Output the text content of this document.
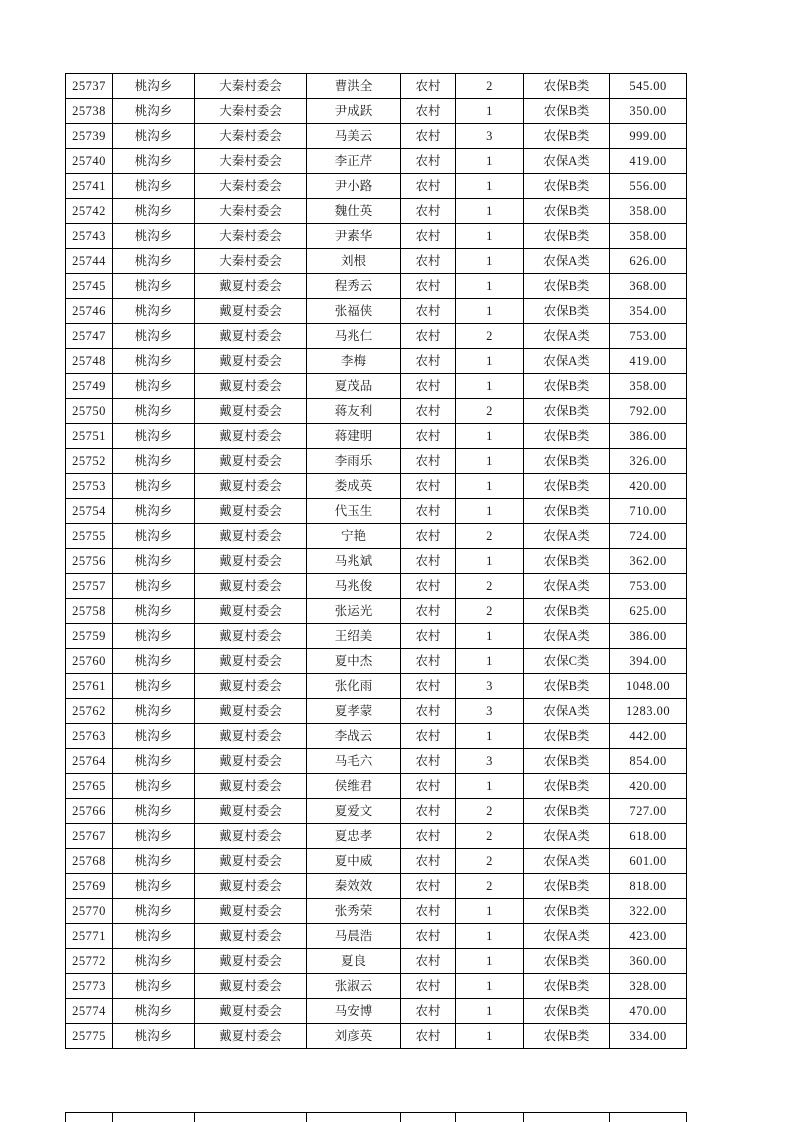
25737	桃沟乡	大秦村委会	曹洪全	农村	2	农保B类	545.00
25738	桃沟乡	大秦村委会	尹成跃	农村	1	农保B类	350.00
25739	桃沟乡	大秦村委会	马美云	农村	3	农保B类	999.00
25740	桃沟乡	大秦村委会	李正芹	农村	1	农保A类	419.00
25741	桃沟乡	大秦村委会	尹小路	农村	1	农保B类	556.00
25742	桃沟乡	大秦村委会	魏仕英	农村	1	农保B类	358.00
25743	桃沟乡	大秦村委会	尹素华	农村	1	农保B类	358.00
25744	桃沟乡	大秦村委会	刘根	农村	1	农保A类	626.00
25745	桃沟乡	戴夏村委会	程秀云	农村	1	农保B类	368.00
25746	桃沟乡	戴夏村委会	张福侠	农村	1	农保B类	354.00
25747	桃沟乡	戴夏村委会	马兆仁	农村	2	农保A类	753.00
25748	桃沟乡	戴夏村委会	李梅	农村	1	农保A类	419.00
25749	桃沟乡	戴夏村委会	夏茂品	农村	1	农保B类	358.00
25750	桃沟乡	戴夏村委会	蒋友利	农村	2	农保B类	792.00
25751	桃沟乡	戴夏村委会	蒋建明	农村	1	农保B类	386.00
25752	桃沟乡	戴夏村委会	李雨乐	农村	1	农保B类	326.00
25753	桃沟乡	戴夏村委会	娄成英	农村	1	农保B类	420.00
25754	桃沟乡	戴夏村委会	代玉生	农村	1	农保B类	710.00
25755	桃沟乡	戴夏村委会	宁艳	农村	2	农保A类	724.00
25756	桃沟乡	戴夏村委会	马兆斌	农村	1	农保B类	362.00
25757	桃沟乡	戴夏村委会	马兆俊	农村	2	农保A类	753.00
25758	桃沟乡	戴夏村委会	张运光	农村	2	农保B类	625.00
25759	桃沟乡	戴夏村委会	王绍美	农村	1	农保A类	386.00
25760	桃沟乡	戴夏村委会	夏中杰	农村	1	农保C类	394.00
25761	桃沟乡	戴夏村委会	张化雨	农村	3	农保B类	1048.00
25762	桃沟乡	戴夏村委会	夏孝蒙	农村	3	农保A类	1283.00
25763	桃沟乡	戴夏村委会	李战云	农村	1	农保B类	442.00
25764	桃沟乡	戴夏村委会	马毛六	农村	3	农保B类	854.00
25765	桃沟乡	戴夏村委会	侯维君	农村	1	农保B类	420.00
25766	桃沟乡	戴夏村委会	夏爱文	农村	2	农保B类	727.00
25767	桃沟乡	戴夏村委会	夏忠孝	农村	2	农保A类	618.00
25768	桃沟乡	戴夏村委会	夏中威	农村	2	农保A类	601.00
25769	桃沟乡	戴夏村委会	秦效效	农村	2	农保B类	818.00
25770	桃沟乡	戴夏村委会	张秀荣	农村	1	农保B类	322.00
25771	桃沟乡	戴夏村委会	马晨浩	农村	1	农保A类	423.00
25772	桃沟乡	戴夏村委会	夏良	农村	1	农保B类	360.00
25773	桃沟乡	戴夏村委会	张淑云	农村	1	农保B类	328.00
25774	桃沟乡	戴夏村委会	马安博	农村	1	农保B类	470.00
25775	桃沟乡	戴夏村委会	刘彦英	农村	1	农保B类	334.00
